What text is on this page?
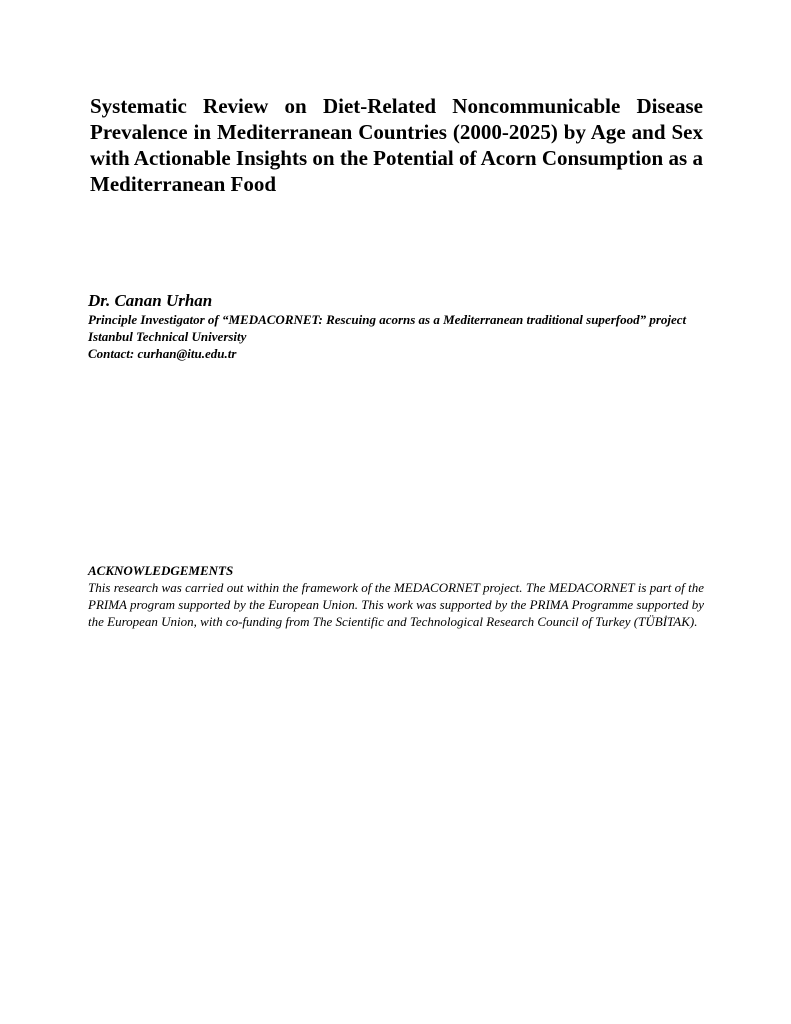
Systematic Review on Diet-Related Noncommunicable Disease Prevalence in Mediterranean Countries (2000-2025) by Age and Sex with Actionable Insights on the Potential of Acorn Consumption as a Mediterranean Food

Dr. Canan Urhan

Principle Investigator of “MEDACORNET: Rescuing acorns as a Mediterranean traditional superfood” project

Istanbul Technical University

Contact: curhan@itu.edu.tr

ACKNOWLEDGEMENTS

This research was carried out within the framework of the MEDACORNET project. The MEDACORNET is part of the PRIMA program supported by the European Union. This work was supported by the PRIMA Programme supported by the European Union, with co-funding from The Scientific and Technological Research Council of Turkey (TÜBİTAK).
